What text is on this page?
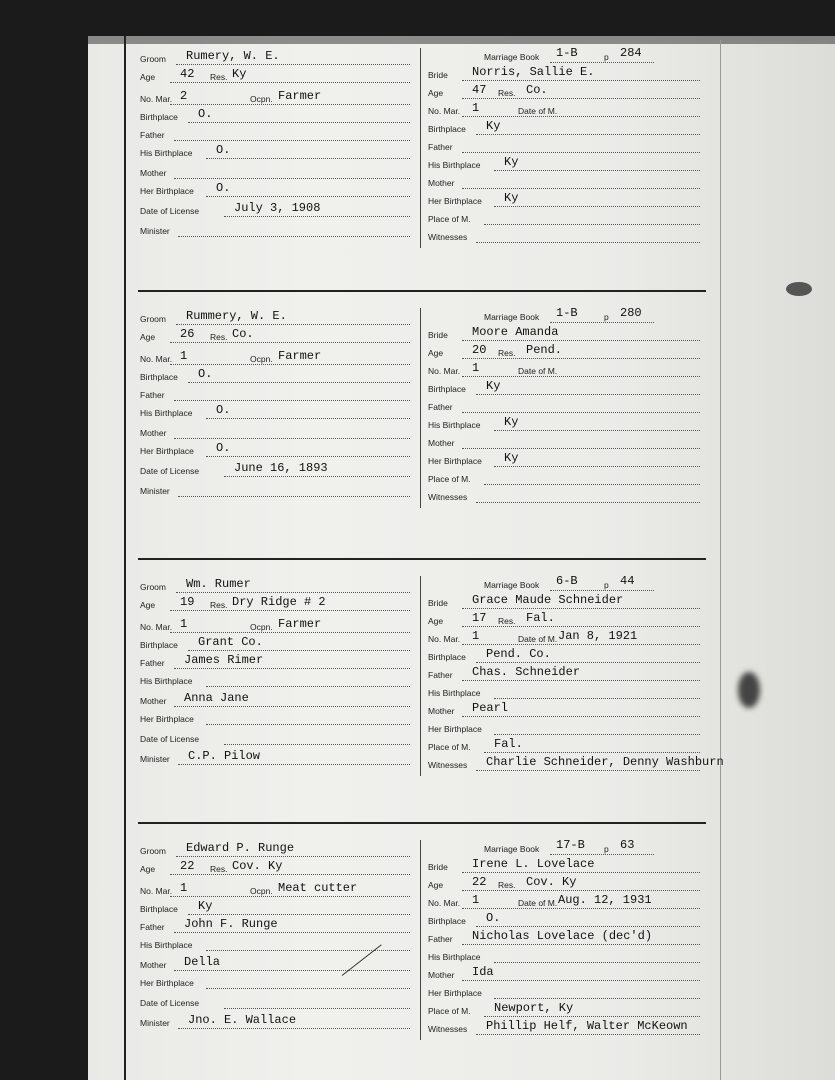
Groom Rumery, W. E.
Age 42
No. Mar. 2
Birthplace O.
Father
His Birthplace O.
Mother
Her Birthplace O.
Date of License	July 3, 1908
Minister
Res. Ky
Ocpn. Farmer
Marriage Book 1-B	p 284
Bride Norris, Sallie E.
Age 47
No. Mar. 1
Birthplace Ky
Father
His Birthplace Ky
Mother
Her Birthplace Ky
Place of M.
Witnesses
Res. Co.
Date of M.
Groom Rummery, W. E.
Age 26
No. Mar. 1
Birthplace O.
Father
His Birthplace O.
Mother
Her Birthplace O.
Date of License	June 16, 1893
Minister
Res. Co.
Ocpn. Farmer
Marriage Book 1-B	p 280
Bride Moore Amanda
Age 20
No. Mar. 1
Birthplace Ky
Father
His Birthplace Ky
Mother
Her Birthplace Ky
Place of M.
Witnesses
Res. Pend.
Date of M.
Groom Wm. Rumer
Age 19
No. Mar. 1
Birthplace Grant Co.
Father James Rimer
His Birthplace
Mother Anna Jane
Her Birthplace
Date of License
Minister C.P. Pilow
Res. Dry Ridge # 2
Ocpn. Farmer
Marriage Book 6-B	p 44
Bride Grace Maude Schneider
Age 17
No. Mar. 1
Birthplace Pend. Co.
Father Chas. Schneider
His Birthplace
Mother Pearl
Her Birthplace
Place of M. Fal.
Witnesses Charlie Schneider, Denny Washburn
Res. Fal.
Date of M. Jan 8, 1921
Groom Edward P. Runge
Age 22
No. Mar. 1
Birthplace Ky
Father John F. Runge
His Birthplace
Mother Della
Her Birthplace
Date of License
Minister Jno. E. Wallace
Res. Cov. Ky
Ocpn. Meat cutter
Marriage Book 17-B p 63
Bride Irene L. Lovelace
Age 22
No. Mar. 1
Birthplace O.
Father Nicholas Lovelace (dec'd)
His Birthplace
Mother Ida
Her Birthplace
Place of M. Newport, Ky
Witnesses Phillip Helf, Walter McKeown
Res. Cov. Ky
Date of M. Aug. 12, 1931
